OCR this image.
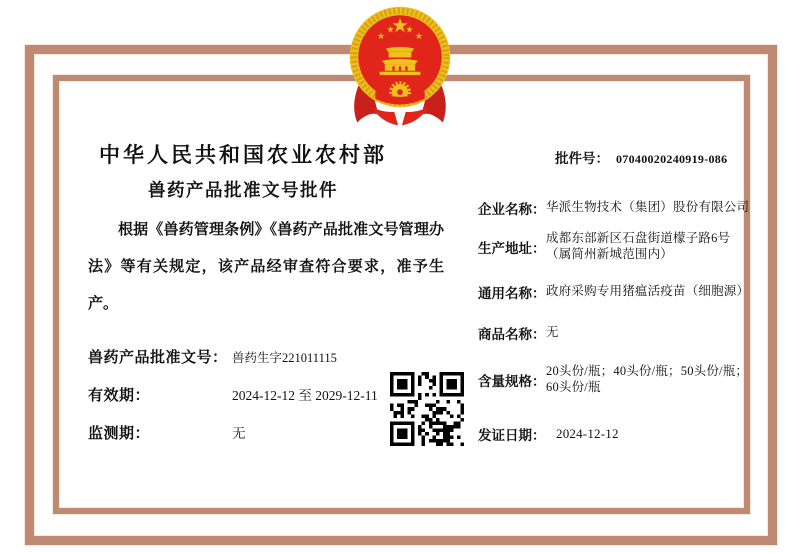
中华人民共和国农业农村部
兽药产品批准文号批件
批件号： 07040020240919-086

根据《兽药管理条例》《兽药产品批准文号管理办法》等有关规定，该产品经审查符合要求，准予生产。

兽药产品批准文号： 兽药生字221011115
有效期：	2024-12-12 至 2029-12-11
监测期：	无
企业名称： 华派生物技术（集团）股份有限公司
生产地址：
成都东部新区石盘街道檬子路6号（属简州新城范围内）
通用名称： 政府采购专用猪瘟活疫苗（细胞源）
商品名称： 无
含量规格：
20头份/瓶；40头份/瓶；50头份/瓶；60头份/瓶
发证日期： 2024-12-12
